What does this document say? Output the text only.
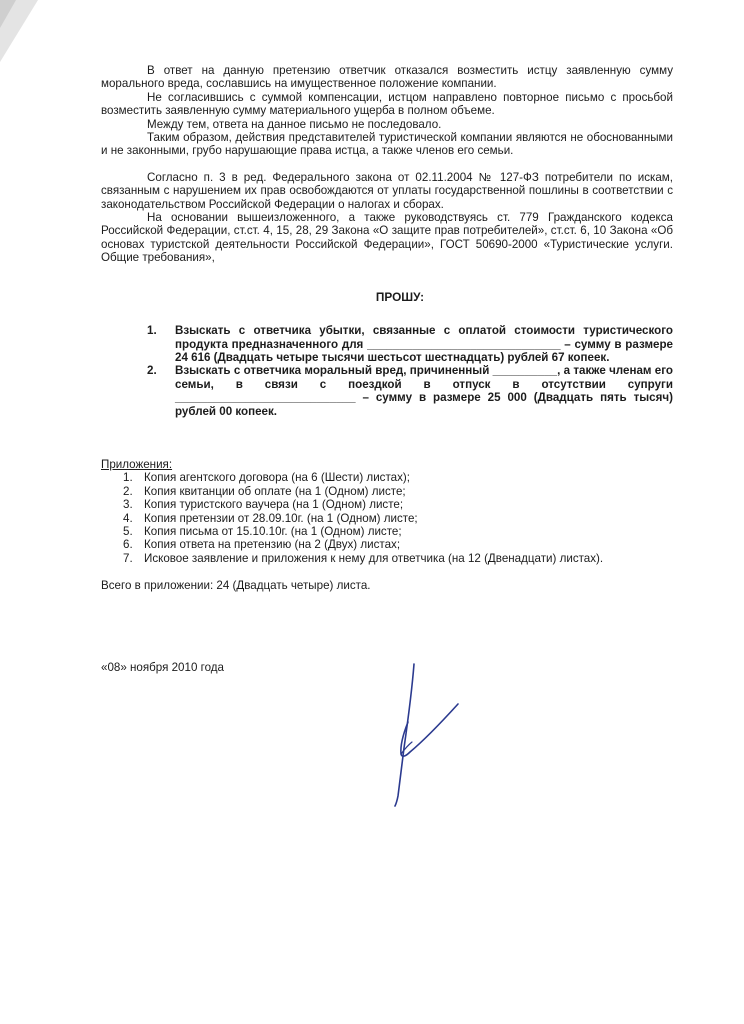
В ответ на данную претензию ответчик отказался возместить истцу заявленную сумму морального вреда, сославшись на имущественное положение компании.

Не согласившись с суммой компенсации, истцом направлено повторное письмо с просьбой возместить заявленную сумму материального ущерба в полном объеме.

Между тем, ответа на данное письмо не последовало.

Таким образом, действия представителей туристической компании являются не обоснованными и не законными, грубо нарушающие права истца, а также членов его семьи.

Согласно п. 3 в ред. Федерального закона от 02.11.2004 № 127-ФЗ потребители по искам, связанным с нарушением их прав освобождаются от уплаты государственной пошлины в соответствии с законодательством Российской Федерации о налогах и сборах.

На основании вышеизложенного, а также руководствуясь ст. 779 Гражданского кодекса Российской Федерации, ст.ст. 4, 15, 28, 29 Закона «О защите прав потребителей», ст.ст. 6, 10 Закона «Об основах туристской деятельности Российской Федерации», ГОСТ 50690-2000 «Туристические услуги. Общие требования»,

ПРОШУ:

1. Взыскать с ответчика убытки, связанные с оплатой стоимости туристического продукта предназначенного для ______________________________ – сумму в размере 24 616 (Двадцать четыре тысячи шестьсот шестнадцать) рублей 67 копеек.
2. Взыскать с ответчика моральный вред, причиненный __________, а также членам его семьи, в связи с поездкой в отпуск в отсутствии супруги ____________________________ – сумму в размере 25 000 (Двадцать пять тысяч) рублей 00 копеек.

Приложения:

1. Копия агентского договора (на 6 (Шести) листах);
2. Копия квитанции об оплате (на 1 (Одном) листе;
3. Копия туристского ваучера (на 1 (Одном) листе;
4. Копия претензии от 28.09.10г. (на 1 (Одном) листе;
5. Копия письма от 15.10.10г. (на 1 (Одном) листе;
6. Копия ответа на претензию (на 2 (Двух) листах;
7. Исковое заявление и приложения к нему для ответчика (на 12 (Двенадцати) листах).

Всего в приложении: 24 (Двадцать четыре) листа.

«08» ноября 2010 года
